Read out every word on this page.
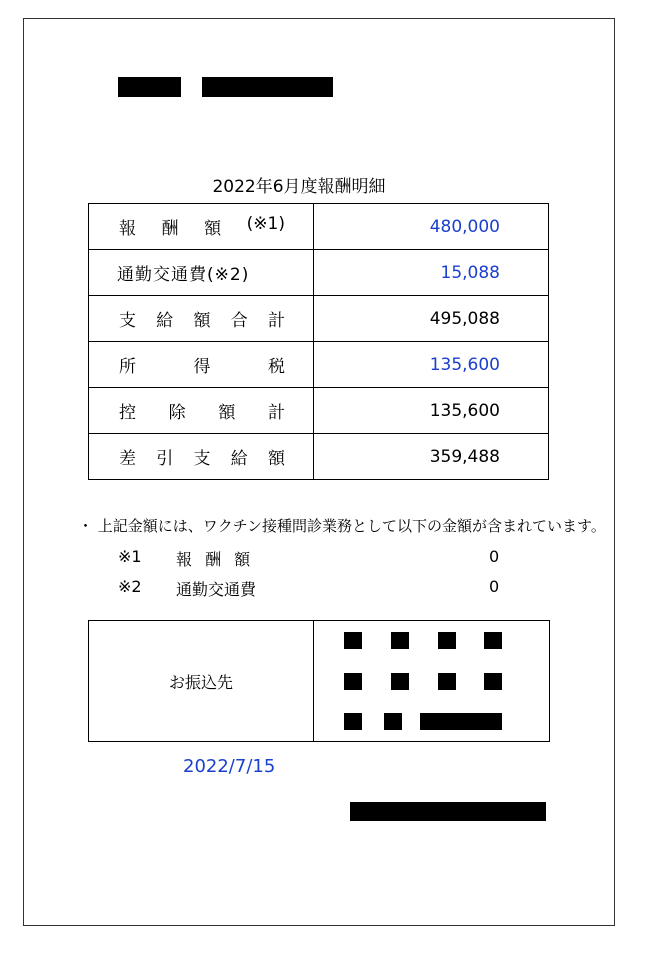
2022年6月度報酬明細
報 酬 額 (※1)	480,000

通勤交通費(※2)	15,088

支 給 額 合 計	495,088

所 得 税	135,600

控 除 額 計	135,600

差 引 支 給 額	359,488
・ 上記金額には、ワクチン接種問診業務として以下の金額が含まれています。
※1 報 酬 額	0
※2 通勤交通費	0
お振込先	
2022/7/15
